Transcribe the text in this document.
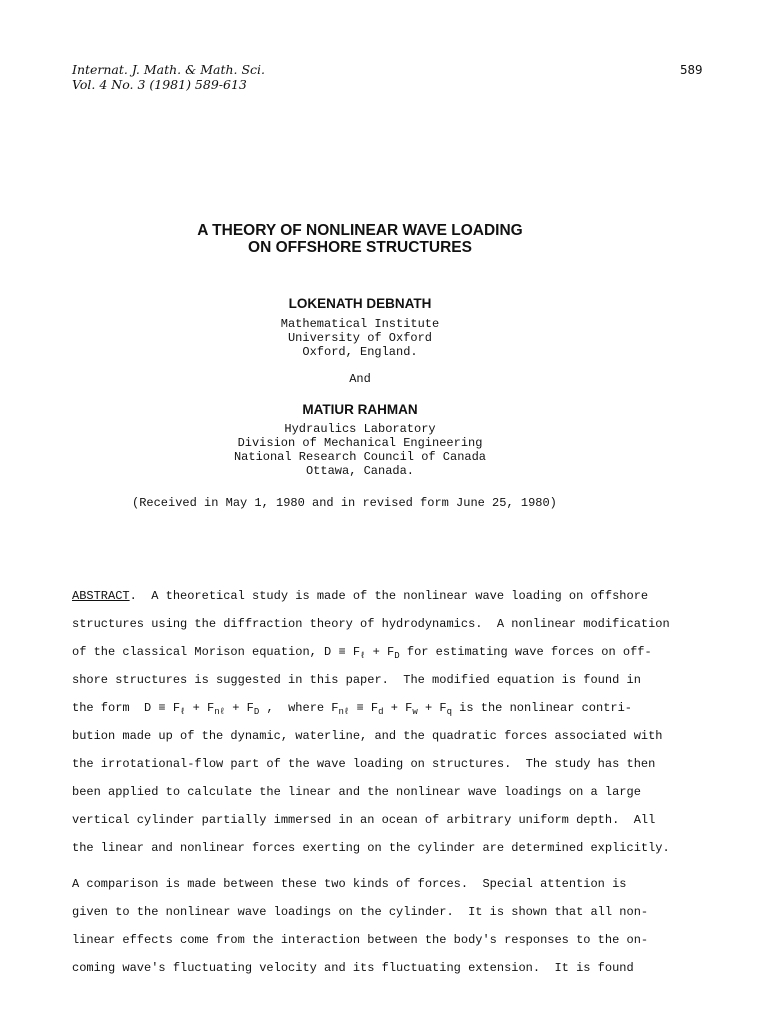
Internat. J. Math. & Math. Sci.
Vol. 4 No. 3 (1981) 589-613
589
A THEORY OF NONLINEAR WAVE LOADING
ON OFFSHORE STRUCTURES
LOKENATH DEBNATH
Mathematical Institute
University of Oxford
Oxford, England.
And
MATIUR RAHMAN
Hydraulics Laboratory
Division of Mechanical Engineering
National Research Council of Canada
Ottawa, Canada.
(Received in May 1, 1980 and in revised form June 25, 1980)
ABSTRACT.  A theoretical study is made of the nonlinear wave loading on offshore
structures using the diffraction theory of hydrodynamics.  A nonlinear modification
of the classical Morison equation, $D \equiv F_\ell + F_D$ for estimating wave forces on off-
shore structures is suggested in this paper.  The modified equation is found in
the form  $D \equiv F_\ell + F_{n\ell} + F_D$ ,  where $F_{n\ell} \equiv F_d + F_w + F_q$ is the nonlinear contri-
bution made up of the dynamic, waterline, and the quadratic forces associated with
the irrotational-flow part of the wave loading on structures.  The study has then
been applied to calculate the linear and the nonlinear wave loadings on a large
vertical cylinder partially immersed in an ocean of arbitrary uniform depth.  All
the linear and nonlinear forces exerting on the cylinder are determined explicitly.
A comparison is made between these two kinds of forces.  Special attention is
given to the nonlinear wave loadings on the cylinder.  It is shown that all non-
linear effects come from the interaction between the body's responses to the on-
coming wave's fluctuating velocity and its fluctuating extension.  It is found
